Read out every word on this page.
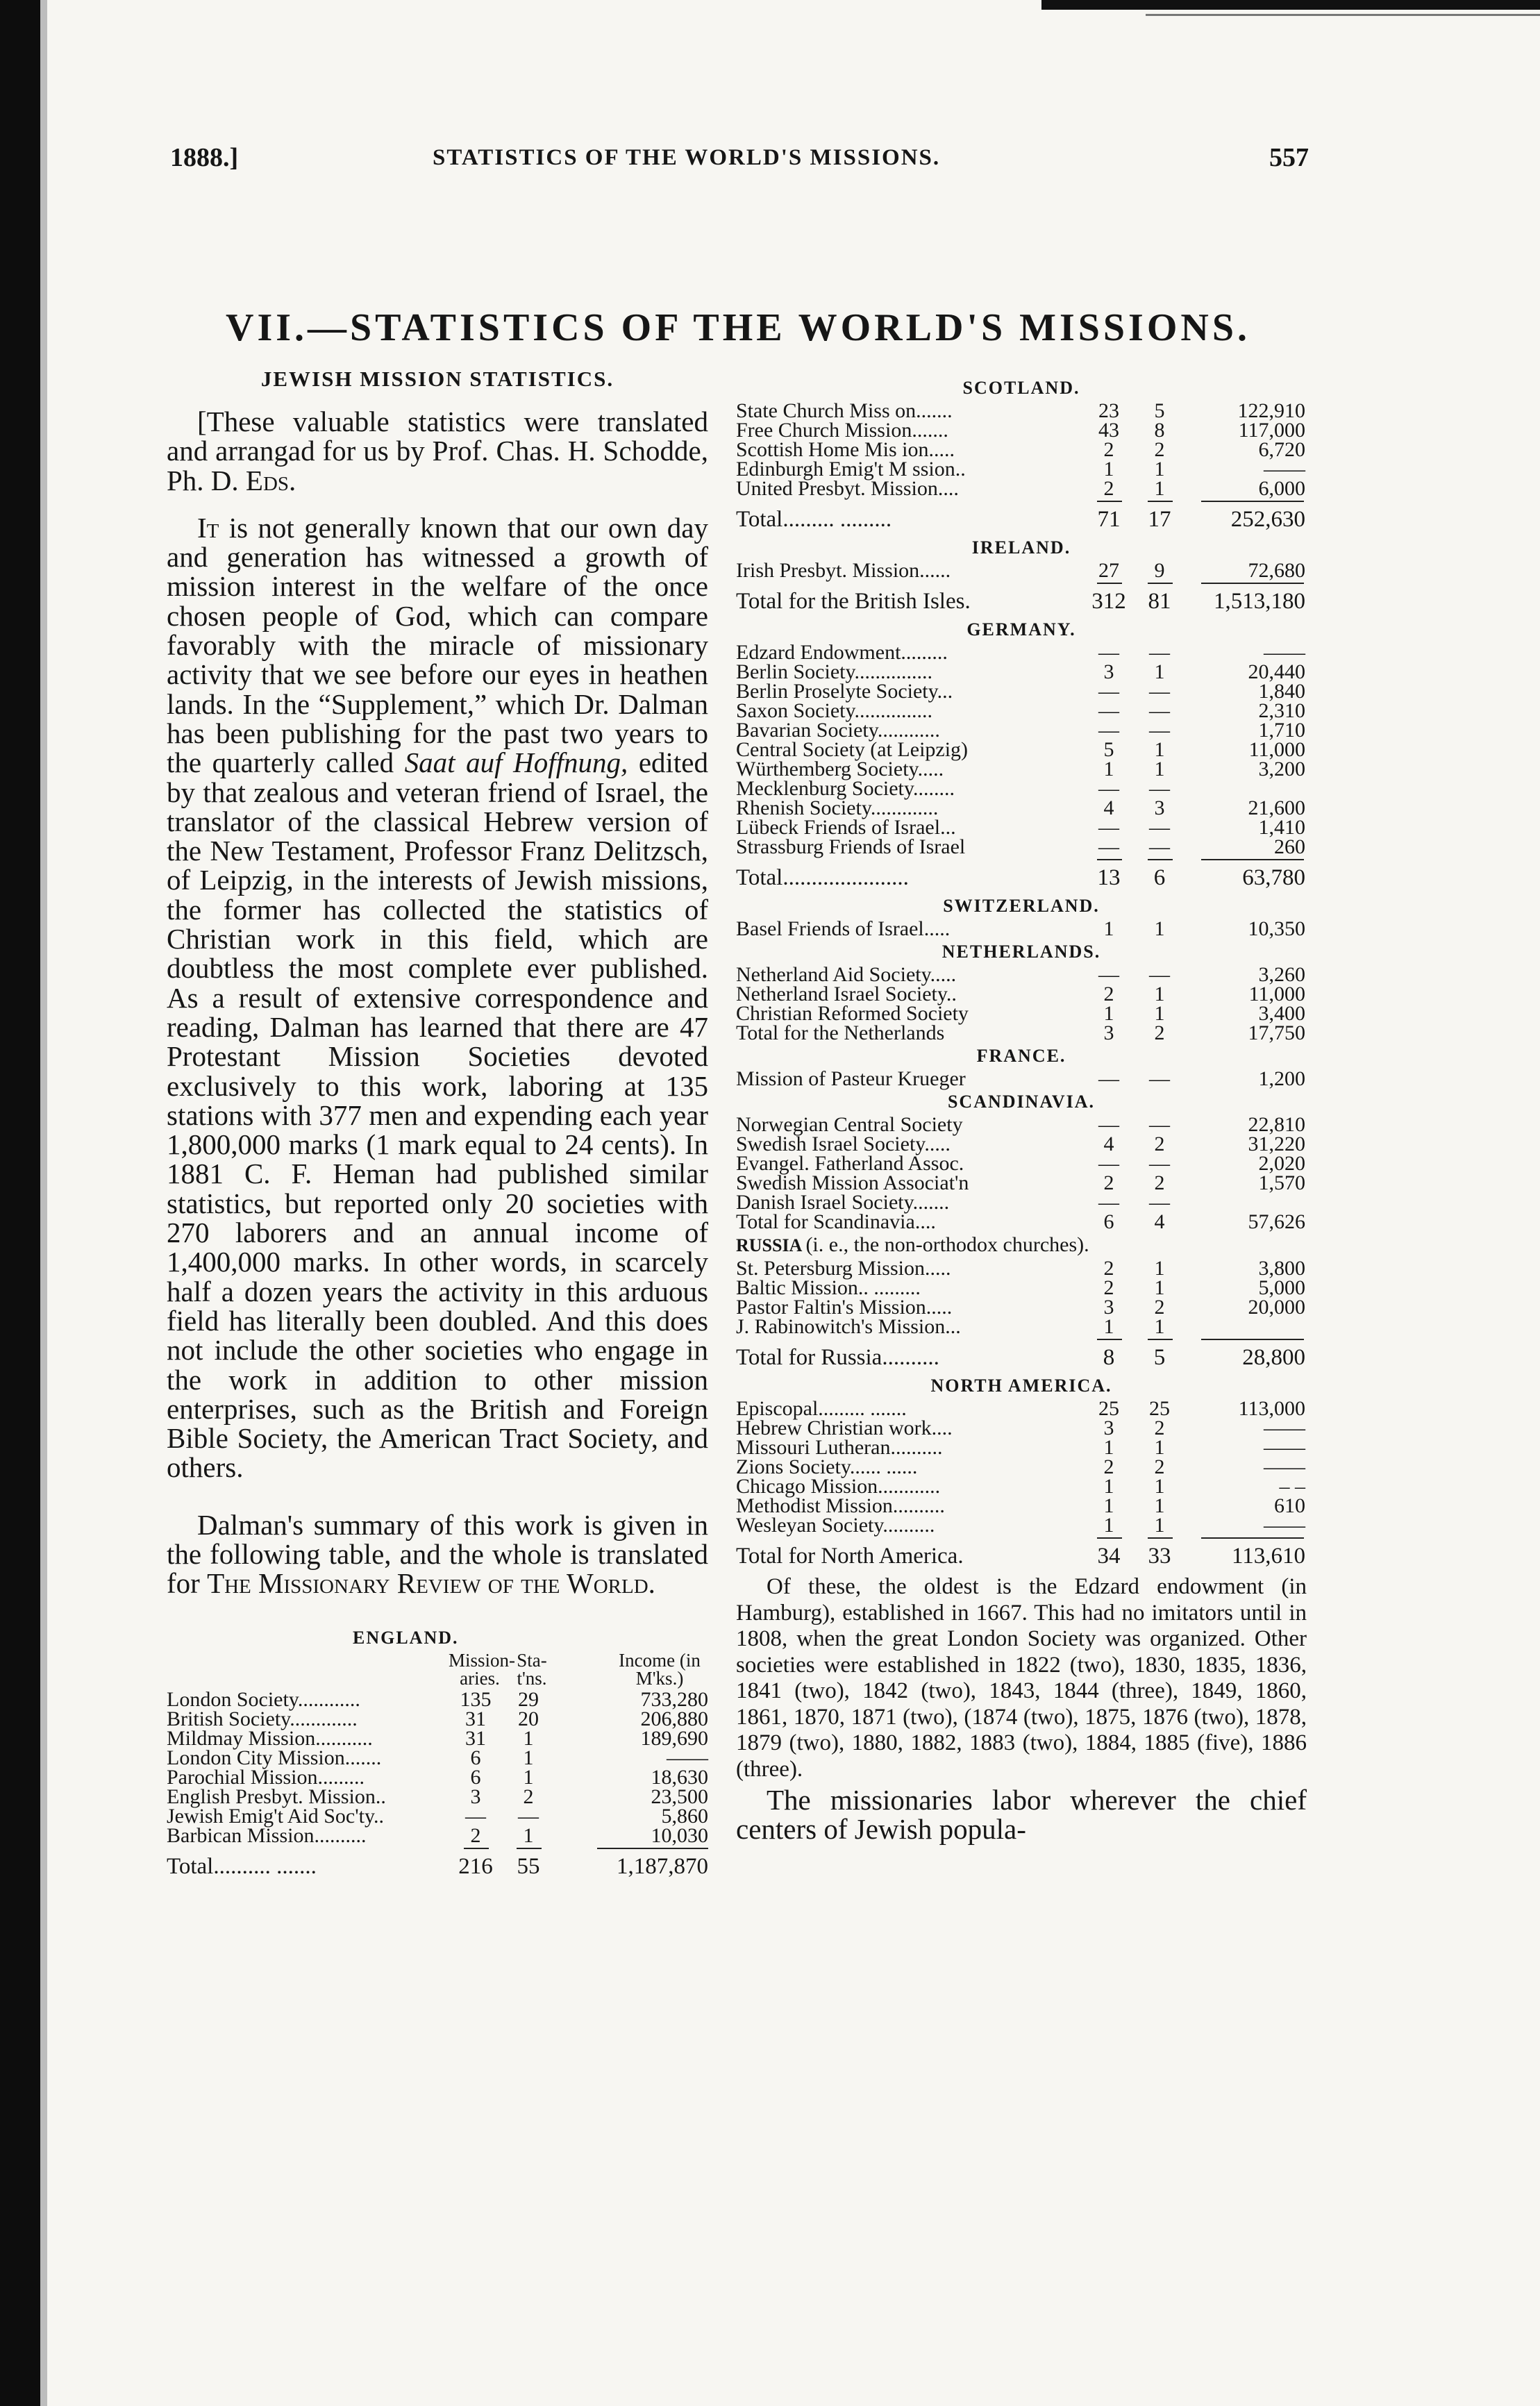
1888.]	STATISTICS OF THE WORLD'S MISSIONS.	557
VII.—STATISTICS OF THE WORLD'S MISSIONS.
JEWISH MISSION STATISTICS.

[These valuable statistics were translated and arrangad for us by Prof. Chas. H. Schodde, Ph. D. Eds.

It is not generally known that our own day and generation has witnessed a growth of mission interest in the welfare of the once chosen people of God, which can compare favorably with the miracle of missionary activity that we see before our eyes in heathen lands. In the “Supplement,” which Dr. Dalman has been publishing for the past two years to the quarterly called Saat auf Hoffnung, edited by that zealous and veteran friend of Israel, the translator of the classical Hebrew version of the New Testament, Professor Franz Delitzsch, of Leipzig, in the interests of Jewish missions, the former has collected the statistics of Christian work in this field, which are doubtless the most complete ever published. As a result of extensive correspondence and reading, Dalman has learned that there are 47 Protestant Mission Societies devoted exclusively to this work, laboring at 135 stations with 377 men and expending each year 1,800,000 marks (1 mark equal to 24 cents). In 1881 C. F. Heman had published similar statistics, but reported only 20 societies with 270 laborers and an annual income of 1,400,000 marks. In other words, in scarcely half a dozen years the activity in this arduous field has literally been doubled. And this does not include the other societies who engage in the work in addition to other mission enterprises, such as the British and Foreign Bible Society, the American Tract Society, and others.

Dalman's summary of this work is given in the following table, and the whole is translated for The Missionary Review of the World.

ENGLAND.
Mission-aries.
Sta-t'ns.
Income (in M'ks.)
London Society............	135	29	733,280
British Society.............	31	20	206,880
Mildmay Mission...........	31	1	189,690
London City Mission.......	6	1	——
Parochial Mission.........	6	1	18,630
English Presbyt. Mission..	3	2	23,500
Jewish Emig't Aid Soc'ty..	—	—	5,860
Barbican Mission..........	2	1	10,030
Total.......... .......	216 55	1,187,870
SCOTLAND.
State Church Miss on.......	23	5	122,910
Free Church Mission.......	43	8	117,000
Scottish Home Mis ion.....	2	2	6,720
Edinburgh Emig't M ssion..	1	1	——
United Presbyt. Mission....	2	1	6,000
Total......... .........	71 17	252,630
IRELAND.
Irish Presbyt. Mission......	27	9	72,680
Total for the British Isles.	312 81	1,513,180
GERMANY.
Edzard Endowment.........	—	—	——
Berlin Society...............	3	1	20,440
Berlin Proselyte Society...	—	—	1,840
Saxon Society...............	—	—	2,310
Bavarian Society............	—	—	1,710
Central Society (at Leipzig)	5	1	11,000
Würthemberg Society.....	1	1	3,200
Mecklenburg Society........	—	—
Rhenish Society.............	4	3	21,600
Lübeck Friends of Israel...	—	—	1,410
Strassburg Friends of Israel	—	—	260
Total......................	13	6	63,780
SWITZERLAND.
Basel Friends of Israel.....	1	1	10,350
NETHERLANDS.
Netherland Aid Society.....	—	—	3,260
Netherland Israel Society..	2	1	11,000
Christian Reformed Society	1	1	3,400
Total for the Netherlands	3	2	17,750
FRANCE.
Mission of Pasteur Krueger	—	—	1,200
SCANDINAVIA.
Norwegian Central Society	—	—	22,810
Swedish Israel Society.....	4	2	31,220
Evangel. Fatherland Assoc.	—	—	2,020
Swedish Mission Associat'n	2	2	1,570
Danish Israel Society.......	—	—
Total for Scandinavia....	6	4	57,626
RUSSIA (i. e., the non-orthodox churches).
St. Petersburg Mission.....	2	1	3,800
Baltic Mission.. .........	2	1	5,000
Pastor Faltin's Mission.....	3	2	20,000
J. Rabinowitch's Mission...	1	1
Total for Russia..........	8	5	28,800
NORTH AMERICA.
Episcopal......... .......	25	25	113,000
Hebrew Christian work....	3	2	——
Missouri Lutheran..........	1	1	——
Zions Society...... ......	2	2	——
Chicago Mission............	1	1	– –
Methodist Mission..........	1	1	610
Wesleyan Society..........	1	1	——
Total for North America.	34 33	113,610

Of these, the oldest is the Edzard endowment (in Hamburg), established in 1667. This had no imitators until in 1808, when the great London Society was organized. Other societies were established in 1822 (two), 1830, 1835, 1836, 1841 (two), 1842 (two), 1843, 1844 (three), 1849, 1860, 1861, 1870, 1871 (two), (1874 (two), 1875, 1876 (two), 1878, 1879 (two), 1880, 1882, 1883 (two), 1884, 1885 (five), 1886 (three).

The missionaries labor wherever the chief centers of Jewish popula-
